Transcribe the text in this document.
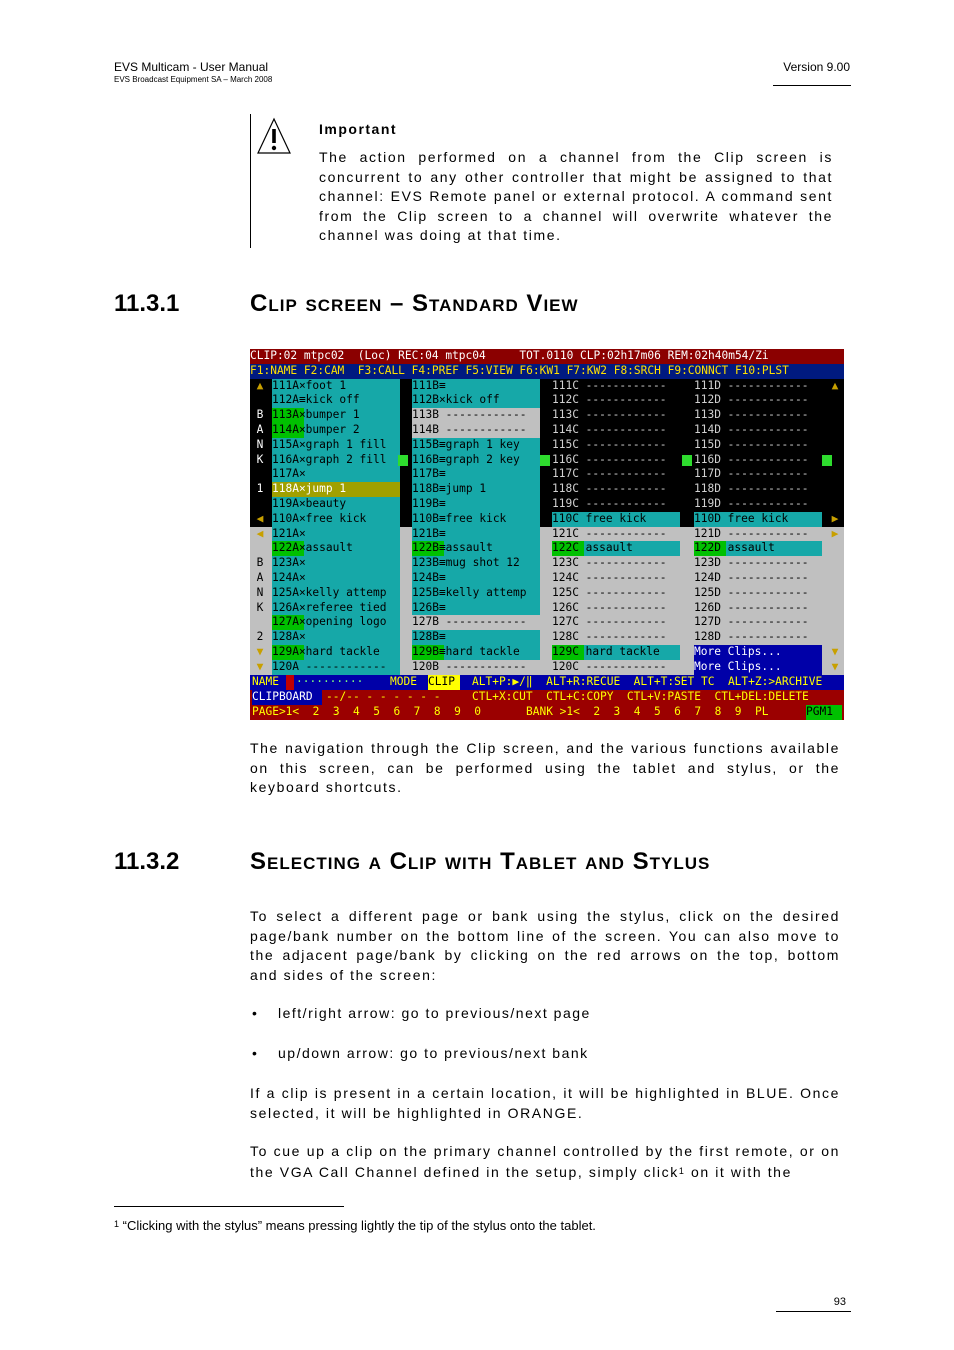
EVS Multicam - User Manual
EVS Broadcast Equipment SA – March 2008
Version 9.00
Important
The action performed on a channel from the Clip screen is concurrent to any other controller that might be assigned to that channel: EVS Remote panel or external protocol. A command sent from the Clip screen to a channel will overwrite whatever the channel was doing at that time.
11.3.1	Clip screen – Standard View
CLIP:02 mtpc02  (Loc) REC:04 mtpc04     TOT.0110 CLP:02h17m06 REM:02h40m54/Zi
F1:NAME F2:CAM  F3:CALL F4:PREF F5:VIEW F6:KW1 F7:KW2 F8:SRCH F9:CONNCT F10:PLST
▲ 111A×foot 1	111B≡	111C ------------	111D ------------	▲
112A≡kick off	112B×kick off	112C ------------	112D ------------
B 113A×bumper 1	113B ------------	113C ------------	113D ------------
A 114A×bumper 2	114B ------------	114C ------------	114D ------------
N 115A×graph 1 fill	115B≡graph 1 key	115C ------------	115D ------------
K 116A×graph 2 fill	116B≡graph 2 key	116C ------------	116D ------------
117A×	117B≡	117C ------------	117D ------------
1 118A×jump 1	118B≡jump 1	118C ------------	118D ------------
119A×beauty	119B≡	119C ------------	119D ------------
◀ 110A×free kick	110B≡free kick	110C free kick	110D free kick	▶
◀ 121A×	121B≡	121C ------------	121D ------------	▶
122A×assault	122B≡assault	122C assault	122D assault
B 123A×	123B≡mug shot 12	123C ------------	123D ------------
A 124A×	124B≡	124C ------------	124D ------------
N 125A×kelly attemp	125B≡kelly attemp	125C ------------	125D ------------
K 126A×referee tied	126B≡	126C ------------	126D ------------
127A×opening logo	127B ------------	127C ------------	127D ------------
2 128A×	128B≡	128C ------------	128D ------------
▼ 129A×hard tackle	129B≡hard tackle	129C hard tackle	More Clips...	▼
▼ 120A ------------	120B ------------	120C ------------	More Clips...	▼

NAME

	··········

	MODE

CLIP

	ALT+P:▶/‖  ALT+R:RECUE  ALT+T:SET TC  ALT+Z:>ARCHIVE

CLIPBOARD

	--/-- - - - - - -

	CTL+X:CUT  CTL+C:COPY  CTL+V:PASTE  CTL+DEL:DELETE

PAGE>1<  2  3  4  5  6  7  8  9  0

	BANK >1<  2  3  4  5  6  7  8  9  PL

	PGM1

The navigation through the Clip screen, and the various functions available on this screen, can be performed using the tablet and stylus, or the keyboard shortcuts.
11.3.2	Selecting a Clip with Tablet and Stylus
To select a different page or bank using the stylus, click on the desired page/bank number on the bottom line of the screen. You can also move to the adjacent page/bank by clicking on the red arrows on the top, bottom and sides of the screen:
• left/right arrow: go to previous/next page
• up/down arrow: go to previous/next bank
If a clip is present in a certain location, it will be highlighted in BLUE. Once selected, it will be highlighted in ORANGE.
To cue up a clip on the primary channel controlled by the first remote, or on the VGA Call Channel defined in the setup, simply click$^1$ on it with the
$^1$ “Clicking with the stylus” means pressing lightly the tip of the stylus onto the tablet.
93
